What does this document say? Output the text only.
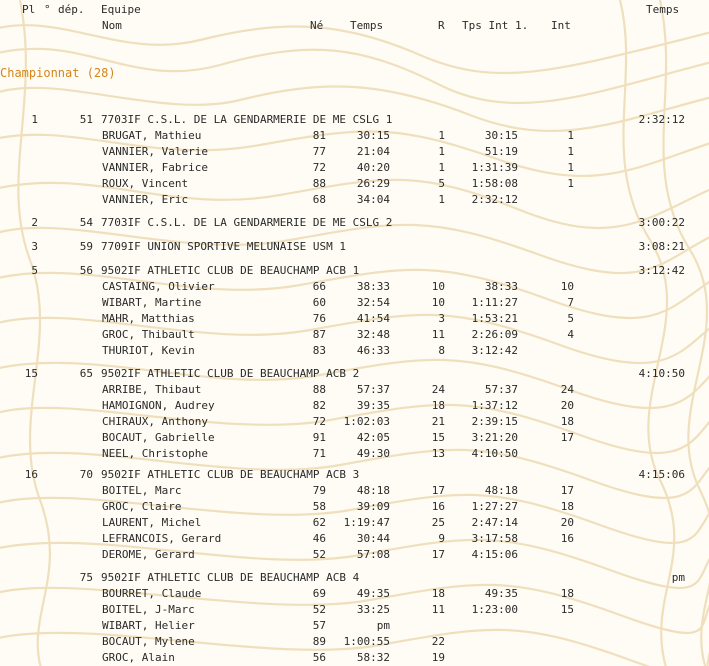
Pl ° dép. Equipe	Temps
Nom	Né Temps	R Tps Int 1. Int
Championnat (28)
1	51 7703IF C.S.L. DE LA GENDARMERIE DE ME CSLG 1	2:32:12
BRUGAT, Mathieu	81	30:15	1	30:15	1
VANNIER, Valerie	77	21:04	1	51:19	1
VANNIER, Fabrice	72	40:20	1 1:31:39	1
ROUX, Vincent	88	26:29	5 1:58:08	1
VANNIER, Eric	68	34:04	1 2:32:12
2	54 7703IF C.S.L. DE LA GENDARMERIE DE ME CSLG 2	3:00:22
3	59 7709IF UNION SPORTIVE MELUNAISE USM 1	3:08:21
5	56 9502IF ATHLETIC CLUB DE BEAUCHAMP ACB 1	3:12:42
CASTAING, Olivier	66	38:33	10	38:33	10
WIBART, Martine	60	32:54	10 1:11:27	7
MAHR, Matthias	76	41:54	3 1:53:21	5
GROC, Thibault	87	32:48	11 2:26:09	4
THURIOT, Kevin	83	46:33	8 3:12:42
15	65 9502IF ATHLETIC CLUB DE BEAUCHAMP ACB 2	4:10:50
ARRIBE, Thibaut	88	57:37	24	57:37	24
HAMOIGNON, Audrey	82	39:35	18 1:37:12	20
CHIRAUX, Anthony	72 1:02:03	21 2:39:15	18
BOCAUT, Gabrielle	91	42:05	15 3:21:20	17
NEEL, Christophe	71	49:30	13 4:10:50
16	70 9502IF ATHLETIC CLUB DE BEAUCHAMP ACB 3	4:15:06
BOITEL, Marc	79	48:18	17	48:18	17
GROC, Claire	58	39:09	16 1:27:27	18
LAURENT, Michel	62 1:19:47	25 2:47:14	20
LEFRANCOIS, Gerard	46	30:44	9 3:17:58	16
DEROME, Gerard	52	57:08	17 4:15:06
75 9502IF ATHLETIC CLUB DE BEAUCHAMP ACB 4	pm
BOURRET, Claude	69	49:35	18	49:35	18
BOITEL, J-Marc	52	33:25	11 1:23:00	15
WIBART, Helier	57	pm
BOCAUT, Mylene	89 1:00:55	22
GROC, Alain	56	58:32	19
